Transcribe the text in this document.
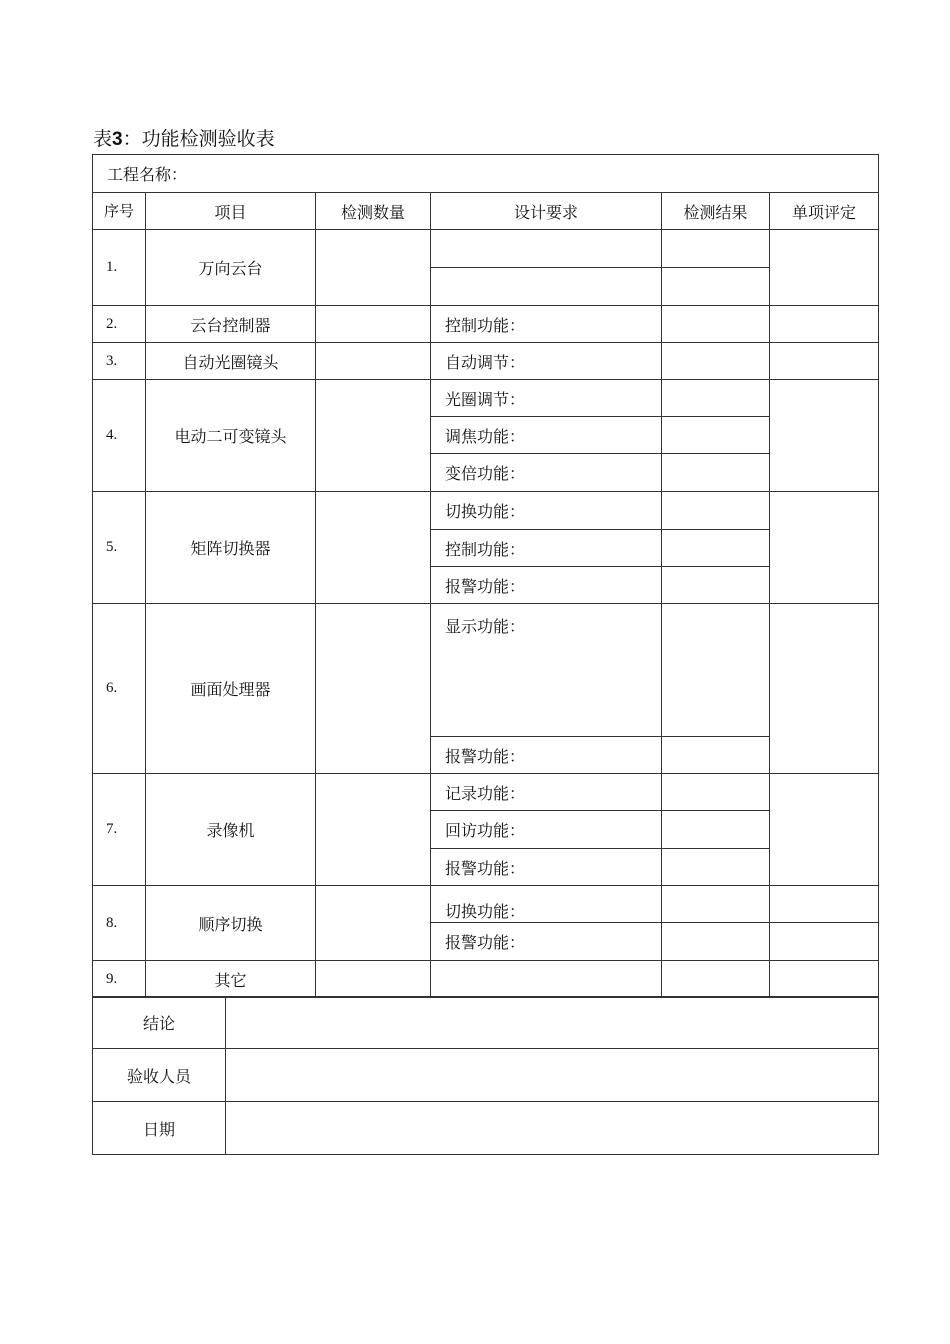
表3：功能检测验收表
工程名称：					
序号	项目	检测数量	设计要求	检测结果	单项评定
1.	万向云台				

2.	云台控制器		控制功能：		
3.	自动光圈镜头		自动调节：		
4.	电动二可变镜头		光圈调节：		
			调焦功能：		
			变倍功能：		
5.	矩阵切换器		切换功能：		
			控制功能：		
			报警功能：		
6.	画面处理器		显示功能：		
			报警功能：		
7.	录像机		记录功能：		
			回访功能：		
			报警功能：		
8.	顺序切换		切换功能：		
			报警功能：		
9.	其它				
结论	
验收人员	
日期	
